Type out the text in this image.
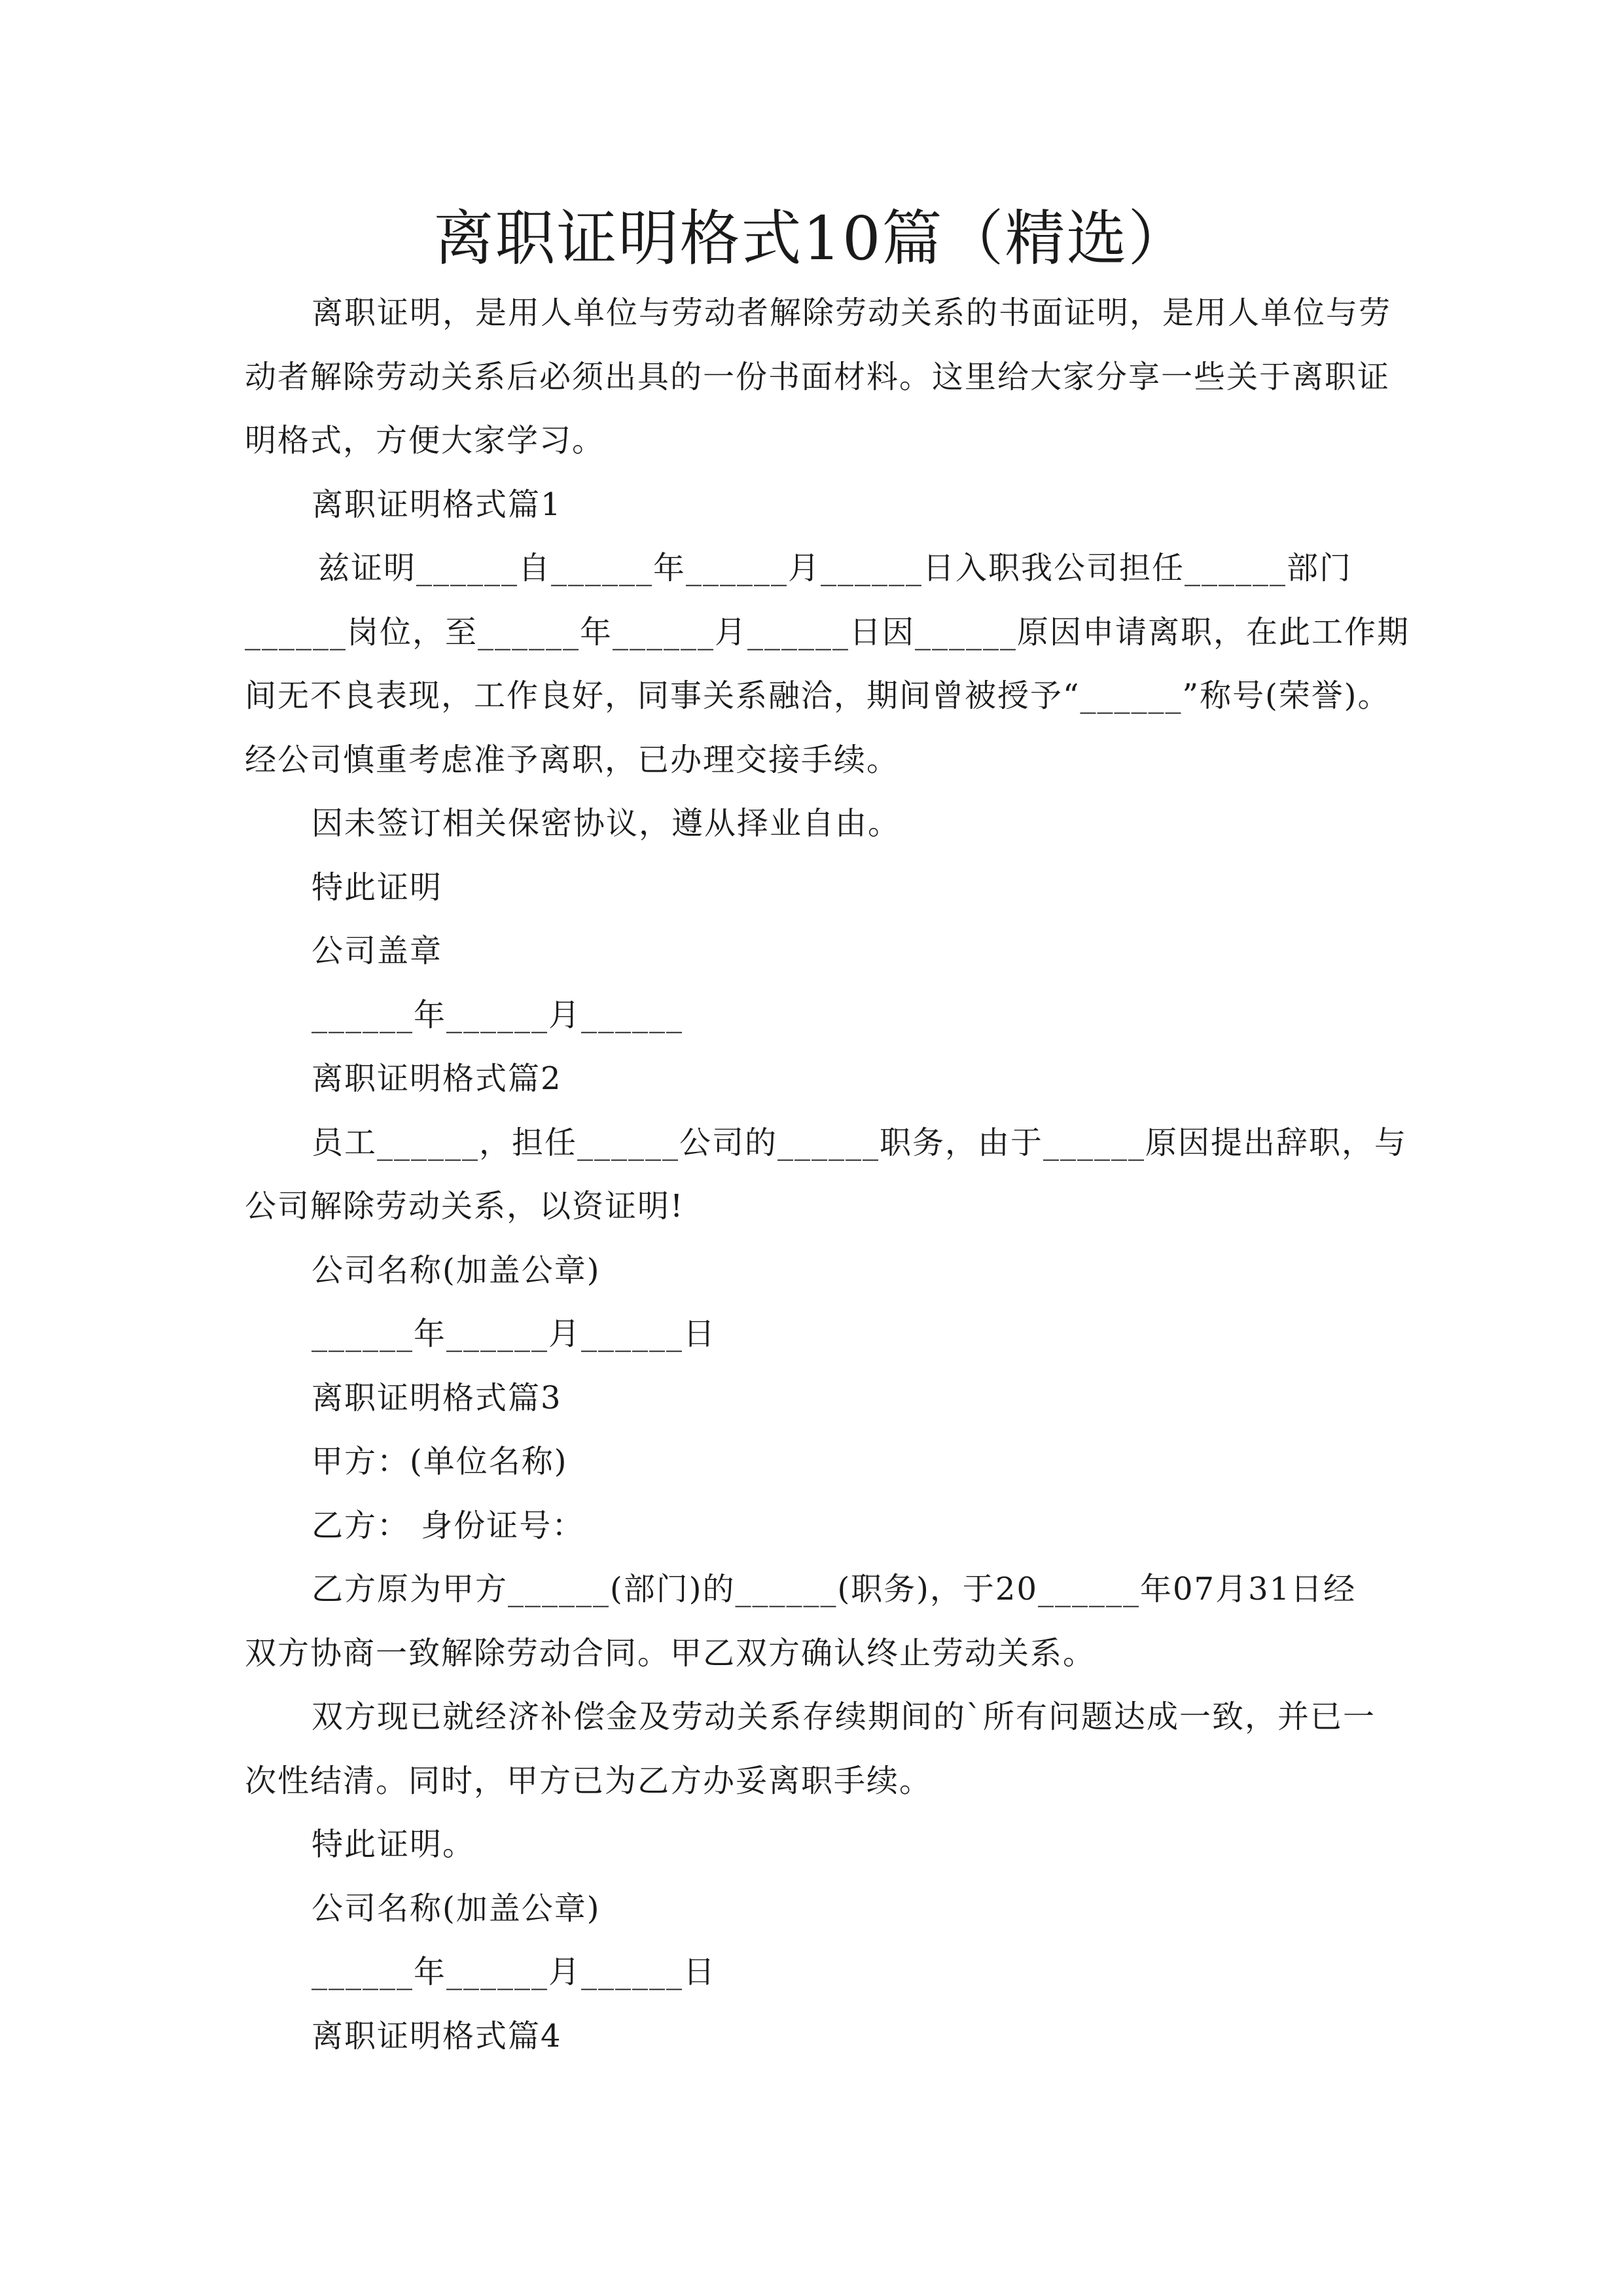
离职证明格式10篇（精选）
离职证明，是用人单位与劳动者解除劳动关系的书面证明，是用人单位与劳
动者解除劳动关系后必须出具的一份书面材料。这里给大家分享一些关于离职证
明格式，方便大家学习。
离职证明格式篇1
兹证明______自______年______月______日入职我公司担任______部门
______岗位，至______年______月______日因______原因申请离职，在此工作期
间无不良表现，工作良好，同事关系融洽，期间曾被授予“______”称号(荣誉)。
经公司慎重考虑准予离职，已办理交接手续。
因未签订相关保密协议，遵从择业自由。
特此证明
公司盖章
______年______月______
离职证明格式篇2
员工______，担任______公司的______职务，由于______原因提出辞职，与
公司解除劳动关系，以资证明!
公司名称(加盖公章)
______年______月______日
离职证明格式篇3
甲方：(单位名称)
乙方： 身份证号：
乙方原为甲方______(部门)的______(职务)，于20______年07月31日经
双方协商一致解除劳动合同。甲乙双方确认终止劳动关系。
双方现已就经济补偿金及劳动关系存续期间的`所有问题达成一致，并已一
次性结清。同时，甲方已为乙方办妥离职手续。
特此证明。
公司名称(加盖公章)
______年______月______日
离职证明格式篇4
